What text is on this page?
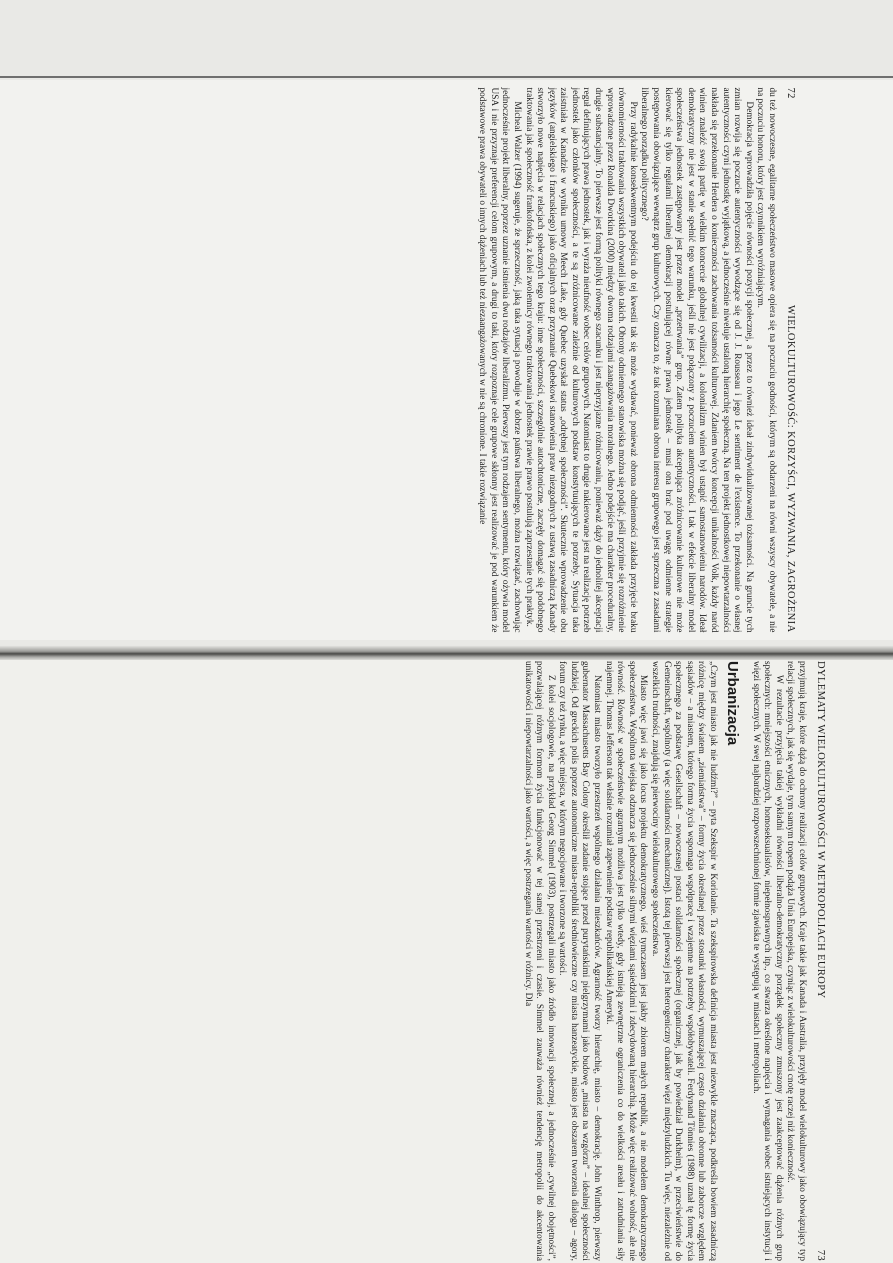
72
WIELOKULTUROWOŚĆ: KORZYŚCI, WYZWANIA, ZAGROŻENIA

du też nowoczesne, egalitarne społeczeństwo masowe opiera się na poczuciu godności, którym są obdarzeni na równi wszyscy obywatele, a nie na poczuciu honoru, który jest czynnikiem wyróżniającym.

Demokracja wprowadziła pojęcie równości pozycji społecznej, a przez to również ideał zindywidualizowanej tożsamości. Na gruncie tych zmian rozwija się poczucie autentyczności wywodzące się od J. J. Rousseau i jego Le sentiment de l'existence. To przekonanie o własnej autentyczności czyni jednostkę wyjątkową, a jednocześnie niweluje ustaloną hierarchię społeczną. Na ten projekt jednostkowej niepowtarzalności nakłada się przekonanie Herdera o konieczności zachowania tożsamości kulturowej. Zdaniem twórcy koncepcji unikalności Volk, każdy naród winien znaleźć swoją partię w wielkim koncercie globalnej cywilizacji, a kolonializm winien był ustąpić samostanowieniu narodów. Ideał demokratyczny nie jest w stanie spełnić tego warunku, jeśli nie jest połączony z poczuciem autentyczności. I tak w efekcie liberalny model społeczeństwa jednostek zastępowany jest przez model „przetrwania” grup. Zatem polityka akceptująca zróżnicowanie kulturowe nie może kierować się tylko regułami liberalnej demokracji postulującej równe prawa jednostek – musi ona brać pod uwagę odmienne strategie postępowania obowiązujące wewnątrz grup kulturowych. Czy oznacza to, że tak rozumiana obrona interesu grupowego jest sprzeczna z zasadami liberalnego porządku politycznego?

Przy radykalnie konsekwentnym podejściu do tej kwestii tak się może wydawać, ponieważ obrona odmienności zakłada przyjęcie braku równomierności traktowania wszystkich obywateli jako takich. Obrony odmiennego stanowiska można się podjąć, jeśli przyjmie się rozróżnienie wprowadzone przez Ronalda Dworkina (2000) między dwoma rodzajami zaangażowania moralnego. Jedno podejście ma charakter proceduralny, drugie substancjalny. To pierwsze jest formą polityki równego szacunku i jest nieprzyjazne różnicowaniu, ponieważ dąży do jednolitej akceptacji reguł definiujących prawa jednostek, jak i wyraża nieufność wobec celów grupowych. Natomiast to drugie nakierowane jest na realizację potrzeb jednostek jako członków społeczności, a te są zróżnicowane zależnie od kulturowych podstaw konstytuujących te potrzeby. Sytuacja taka zaistniała w Kanadzie w wyniku umowy Meech Lake, gdy Quebec uzyskał status „odrębnej społeczności”. Skutecznie wprowadzenie obu języków (angielskiego i francuskiego) jako oficjalnych oraz przyznanie Quebekowi stanowienia praw niezgodnych z ustawą zasadniczą Kanady stworzyło nowe napięcia w relacjach społecznych tego kraju: inne społeczności, szczególnie autochtoniczne, zaczęły domagać się podobnego traktowania jak społeczność frankofońska, z kolei zwolennicy równego traktowania jednostek prawie prawo postulują zaprzestanie tych praktyk.

Micheal Walzer (1994) sugeruje, że sprzeczność, jaką taka sytuacja powoduje w dobrze państwa liberalnego, można rozwiązać, zachowując jednocześnie projekt liberalny, poprzez uznanie istnienia dwu rodzajów liberalizmu. Pierwszy jest tym rodzajem sentymentu, który ożywia model USA i nie przyznaje preferencji celom grupowym, a drugi to taki, który rozpoznaje cele grupowe skłonny jest realizować je pod warunkiem że podstawowe prawa obywateli o innych dążeniach lub też niezaangażowanych w nie są chronione. I takie rozwiązanie

DYLEMATY WIELOKULTUROWOŚCI W METROPOLIACH EUROPY
73

przyjmują kraje, które dążą do ochrony realizacji celów grupowych. Kraje takie jak Kanada i Australia, przyjęły model wielokulturowy jako obowiązujący typ relacji społecznych, jak się wydaje, tym samym tropem podąża Unia Europejska, czyniąc z wielokulturowości cnotę raczej niż konieczność.

W rezultacie przyjęcia takiej wykładni równości liberalno-demokratyczny porządek społeczny zmuszony jest zaakceptować dążenia różnych grup społecznych: mniejszości etnicznych, homoseksualistów, niepełnosprawnych itp., co stwarza określone napięcia i wymagania wobec istniejących instytucji i więzi społecznych. W swej najbardziej rozpowszechnionej formie zjawiska te występują w miastach i metropoliach.

Urbanizacja

„Czym jest miasto jak nie ludźmi?” – pyta Szekspir w Koriolanie. Ta szekspirowska definicja miasta jest niezwykle znacząca, podkreśla bowiem zasadniczą różnicę między światem „ziemiaństwa” – formy życia określanej przez stosunki własności, wymuszającej często działania obronne lub zaborcze względem sąsiadów – a miastem, którego forma życia wspomaga współpracę i wzajemne na potrzeby współobywateli. Ferdynand Tönnies (1988) uznał tę formę życia społecznego za podstawę Gesellschaft – nowoczesnej postaci solidarności społecznej (organicznej, jak by powiedział Durkheim), w przeciwieństwie do Gemeinschaft, wspólnoty (a więc solidarności mechanicznej). Istotą tej pierwszej jest heterogeniczny charakter więzi międzyludzkich. Tu więc, niezależnie od wszelkich trudności, znajdują się pierwociny wielokulturowego społeczeństwa.

Miasto więc jawi się jako locus projektu demokratycznego, wieś tymczasem jest jakby zbiorem małych republik, a nie modelem demokratycznego społeczeństwa. Wspólnota wiejska odznacza się jednocześnie silnymi więziami sąsiedzkimi i zdecydowaną hierarchią. Może więc realizować wolność, ale nie równość. Równość w społeczeństwie agrarnym możliwa jest tylko wtedy, gdy istnieją zewnętrzne ograniczenia co do wielkości areału i zatrudniania siły najemnej. Thomas Jefferson tak właśnie rozumiał zapewnienie podstaw republikańskiej Ameryki.

Natomiast miasto tworzyło przestrzeń wspólnego działania mieszkańców. Agrarność tworzy hierarchię, miasto – demokrację. John Winthrop, pierwszy gubernator Massachusetts Bay Colony określił zadanie stojące przed purytańskimi pielgrzymami jako budowę „miasta na wzgórzu” – idealnej społeczności ludzkiej. Od greckich polis poprzez autonomiczne miasta-republiki średniowieczne czy miasta hanzeatyckie, miasto jest obszarem tworzenia dialogu – agory, forum czy też rynku, a więc miejsca, w którym negocjowane i tworzone są wartości.

Z kolei socjologowie, na przykład Georg Simmel (1903), postrzegali miasto jako źródło innowacji społecznej, a jednocześnie „cywilnej obojętności”, pozwalającej różnym formom życia funkcjonować w tej samej przestrzeni i czasie. Simmel zauważa również tendencję metropolii do akcentowania unikatowości i niepowtarzalności jako wartości, a więc postrzegania wartości w różnicy. Dla
